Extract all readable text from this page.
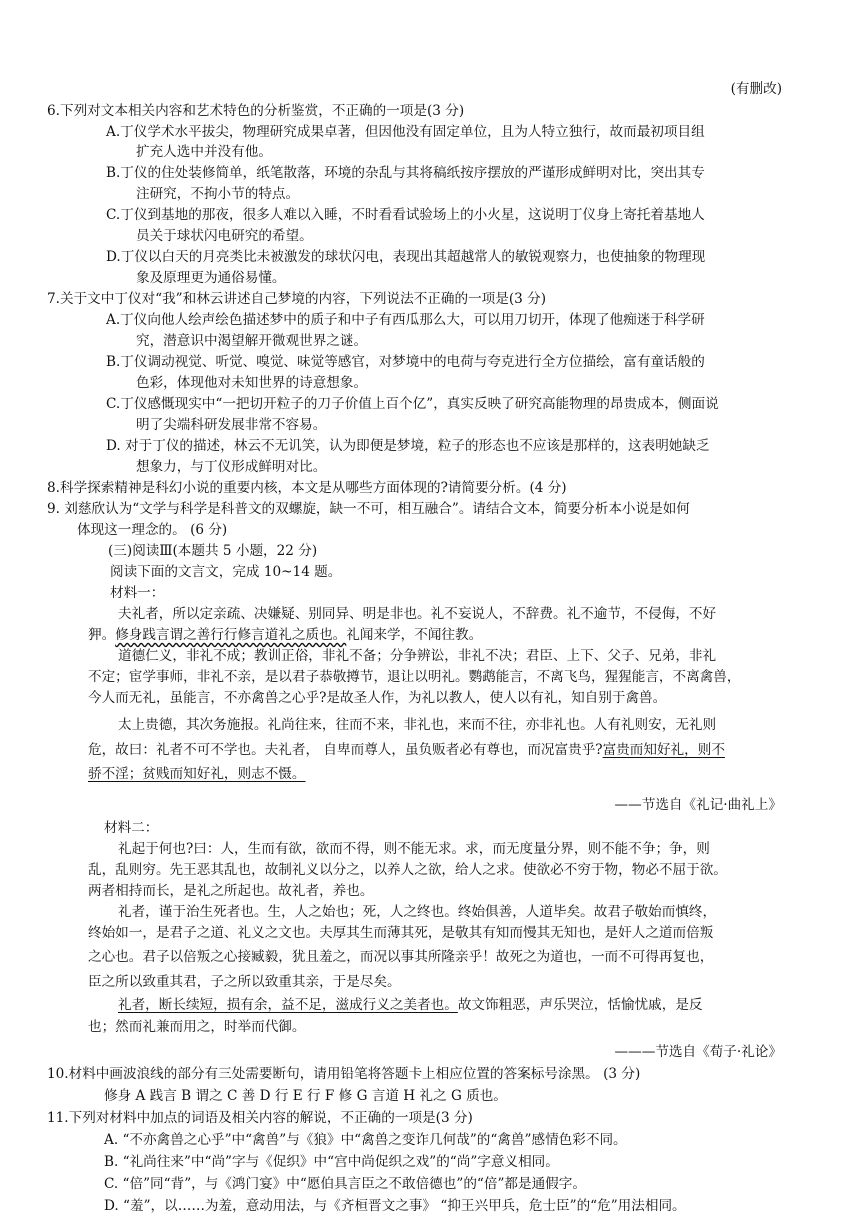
(有删改)
6.下列对文本相关内容和艺术特色的分析鉴赏，不正确的一项是(3 分)
A.丁仪学术水平拔尖，物理研究成果卓著，但因他没有固定单位，且为人特立独行，故而最初项目组
扩充人选中并没有他。
B.丁仪的住处装修简单，纸笔散落，环境的杂乱与其将稿纸按序摆放的严谨形成鲜明对比，突出其专
注研究，不拘小节的特点。
C.丁仪到基地的那夜，很多人难以入睡，不时看看试验场上的小火星，这说明丁仪身上寄托着基地人
员关于球状闪电研究的希望。
D.丁仪以白天的月亮类比未被激发的球状闪电，表现出其超越常人的敏锐观察力，也使抽象的物理现
象及原理更为通俗易懂。
7.关于文中丁仪对“我”和林云讲述自己梦境的内容，下列说法不正确的一项是(3 分)
A.丁仪向他人绘声绘色描述梦中的质子和中子有西瓜那么大，可以用刀切开，体现了他痴迷于科学研
究，潜意识中渴望解开微观世界之谜。
B.丁仪调动视觉、听觉、嗅觉、味觉等感官，对梦境中的电荷与夸克进行全方位描绘，富有童话般的
色彩，体现他对未知世界的诗意想象。
C.丁仪感慨现实中“一把切开粒子的刀子价值上百个亿”，真实反映了研究高能物理的昂贵成本，侧面说
明了尖端科研发展非常不容易。
D. 对于丁仪的描述，林云不无讥笑，认为即便是梦境，粒子的形态也不应该是那样的，这表明她缺乏
想象力，与丁仪形成鲜明对比。
8.科学探索精神是科幻小说的重要内核，本文是从哪些方面体现的?请简要分析。(4 分)
9. 刘慈欣认为“文学与科学是科普文的双螺旋，缺一不可，相互融合”。请结合文本，简要分析本小说是如何
体现这一理念的。 (6 分)
(三)阅读Ⅲ(本题共 5 小题，22 分)
阅读下面的文言文，完成 10~14 题。
材料一：
夫礼者，所以定亲疏、决嫌疑、别同异、明是非也。礼不妄说人，不辞费。礼不逾节，不侵侮，不好
狎。修身践言谓之善行行修言道礼之质也。礼闻来学，不闻往教。
道德仁义，非礼不成；教训正俗，非礼不备；分争辨讼，非礼不决；君臣、上下、父子、兄弟，非礼
不定；宦学事师，非礼不亲，是以君子恭敬撙节，退让以明礼。鹦鹉能言，不离飞鸟，猩猩能言，不离禽兽，
今人而无礼，虽能言，不亦禽兽之心乎?是故圣人作，为礼以教人，使人以有礼，知自别于禽兽。
太上贵德，其次务施报。礼尚往来，往而不来，非礼也，来而不往，亦非礼也。人有礼则安，无礼则
危，故曰：礼者不可不学也。夫礼者， 自卑而尊人，虽负贩者必有尊也，而况富贵乎?富贵而知好礼，则不
骄不淫；贫贱而知好礼，则志不慑。
——节选自《礼记·曲礼上》
材料二：
礼起于何也?曰：人，生而有欲，欲而不得，则不能无求。求，而无度量分界，则不能不争；争，则
乱，乱则穷。先王恶其乱也，故制礼义以分之，以养人之欲，给人之求。使欲必不穷于物，物必不屈于欲。
两者相持而长，是礼之所起也。故礼者，养也。
礼者，谨于治生死者也。生，人之始也；死，人之终也。终始俱善，人道毕矣。故君子敬始而慎终，
终始如一，是君子之道、礼义之文也。夫厚其生而薄其死，是敬其有知而慢其无知也，是奸人之道而倍叛
之心也。君子以倍叛之心接臧毅，犹且羞之，而况以事其所隆亲乎！故死之为道也，一而不可得再复也，
臣之所以致重其君，子之所以致重其亲，于是尽矣。
礼者，断长续短，损有余，益不足，滋成行义之美者也。故文饰粗恶，声乐哭泣，恬愉忧戚，是反
也；然而礼兼而用之，时举而代御。
———节选自《荀子·礼论》
10.材料中画波浪线的部分有三处需要断句，请用铅笔将答题卡上相应位置的答案标号涂黑。 (3 分)
修身 A 践言 B 谓之 C 善 D 行 E 行 F 修 G 言道 H 礼之 G 质也。
11.下列对材料中加点的词语及相关内容的解说，不正确的一项是(3 分)
A. “不亦禽兽之心乎”中“禽兽”与《狼》中“禽兽之变诈几何哉”的“禽兽”感情色彩不同。
B. “礼尚往来”中“尚”字与《促织》中“宫中尚促织之戏”的“尚”字意义相同。
C. “倍”同“背”，与《鸿门宴》中“愿伯具言臣之不敢倍德也”的“倍”都是通假字。
D. “羞”，以……为羞，意动用法，与《齐桓晋文之事》 “抑王兴甲兵，危士臣”的“危”用法相同。
